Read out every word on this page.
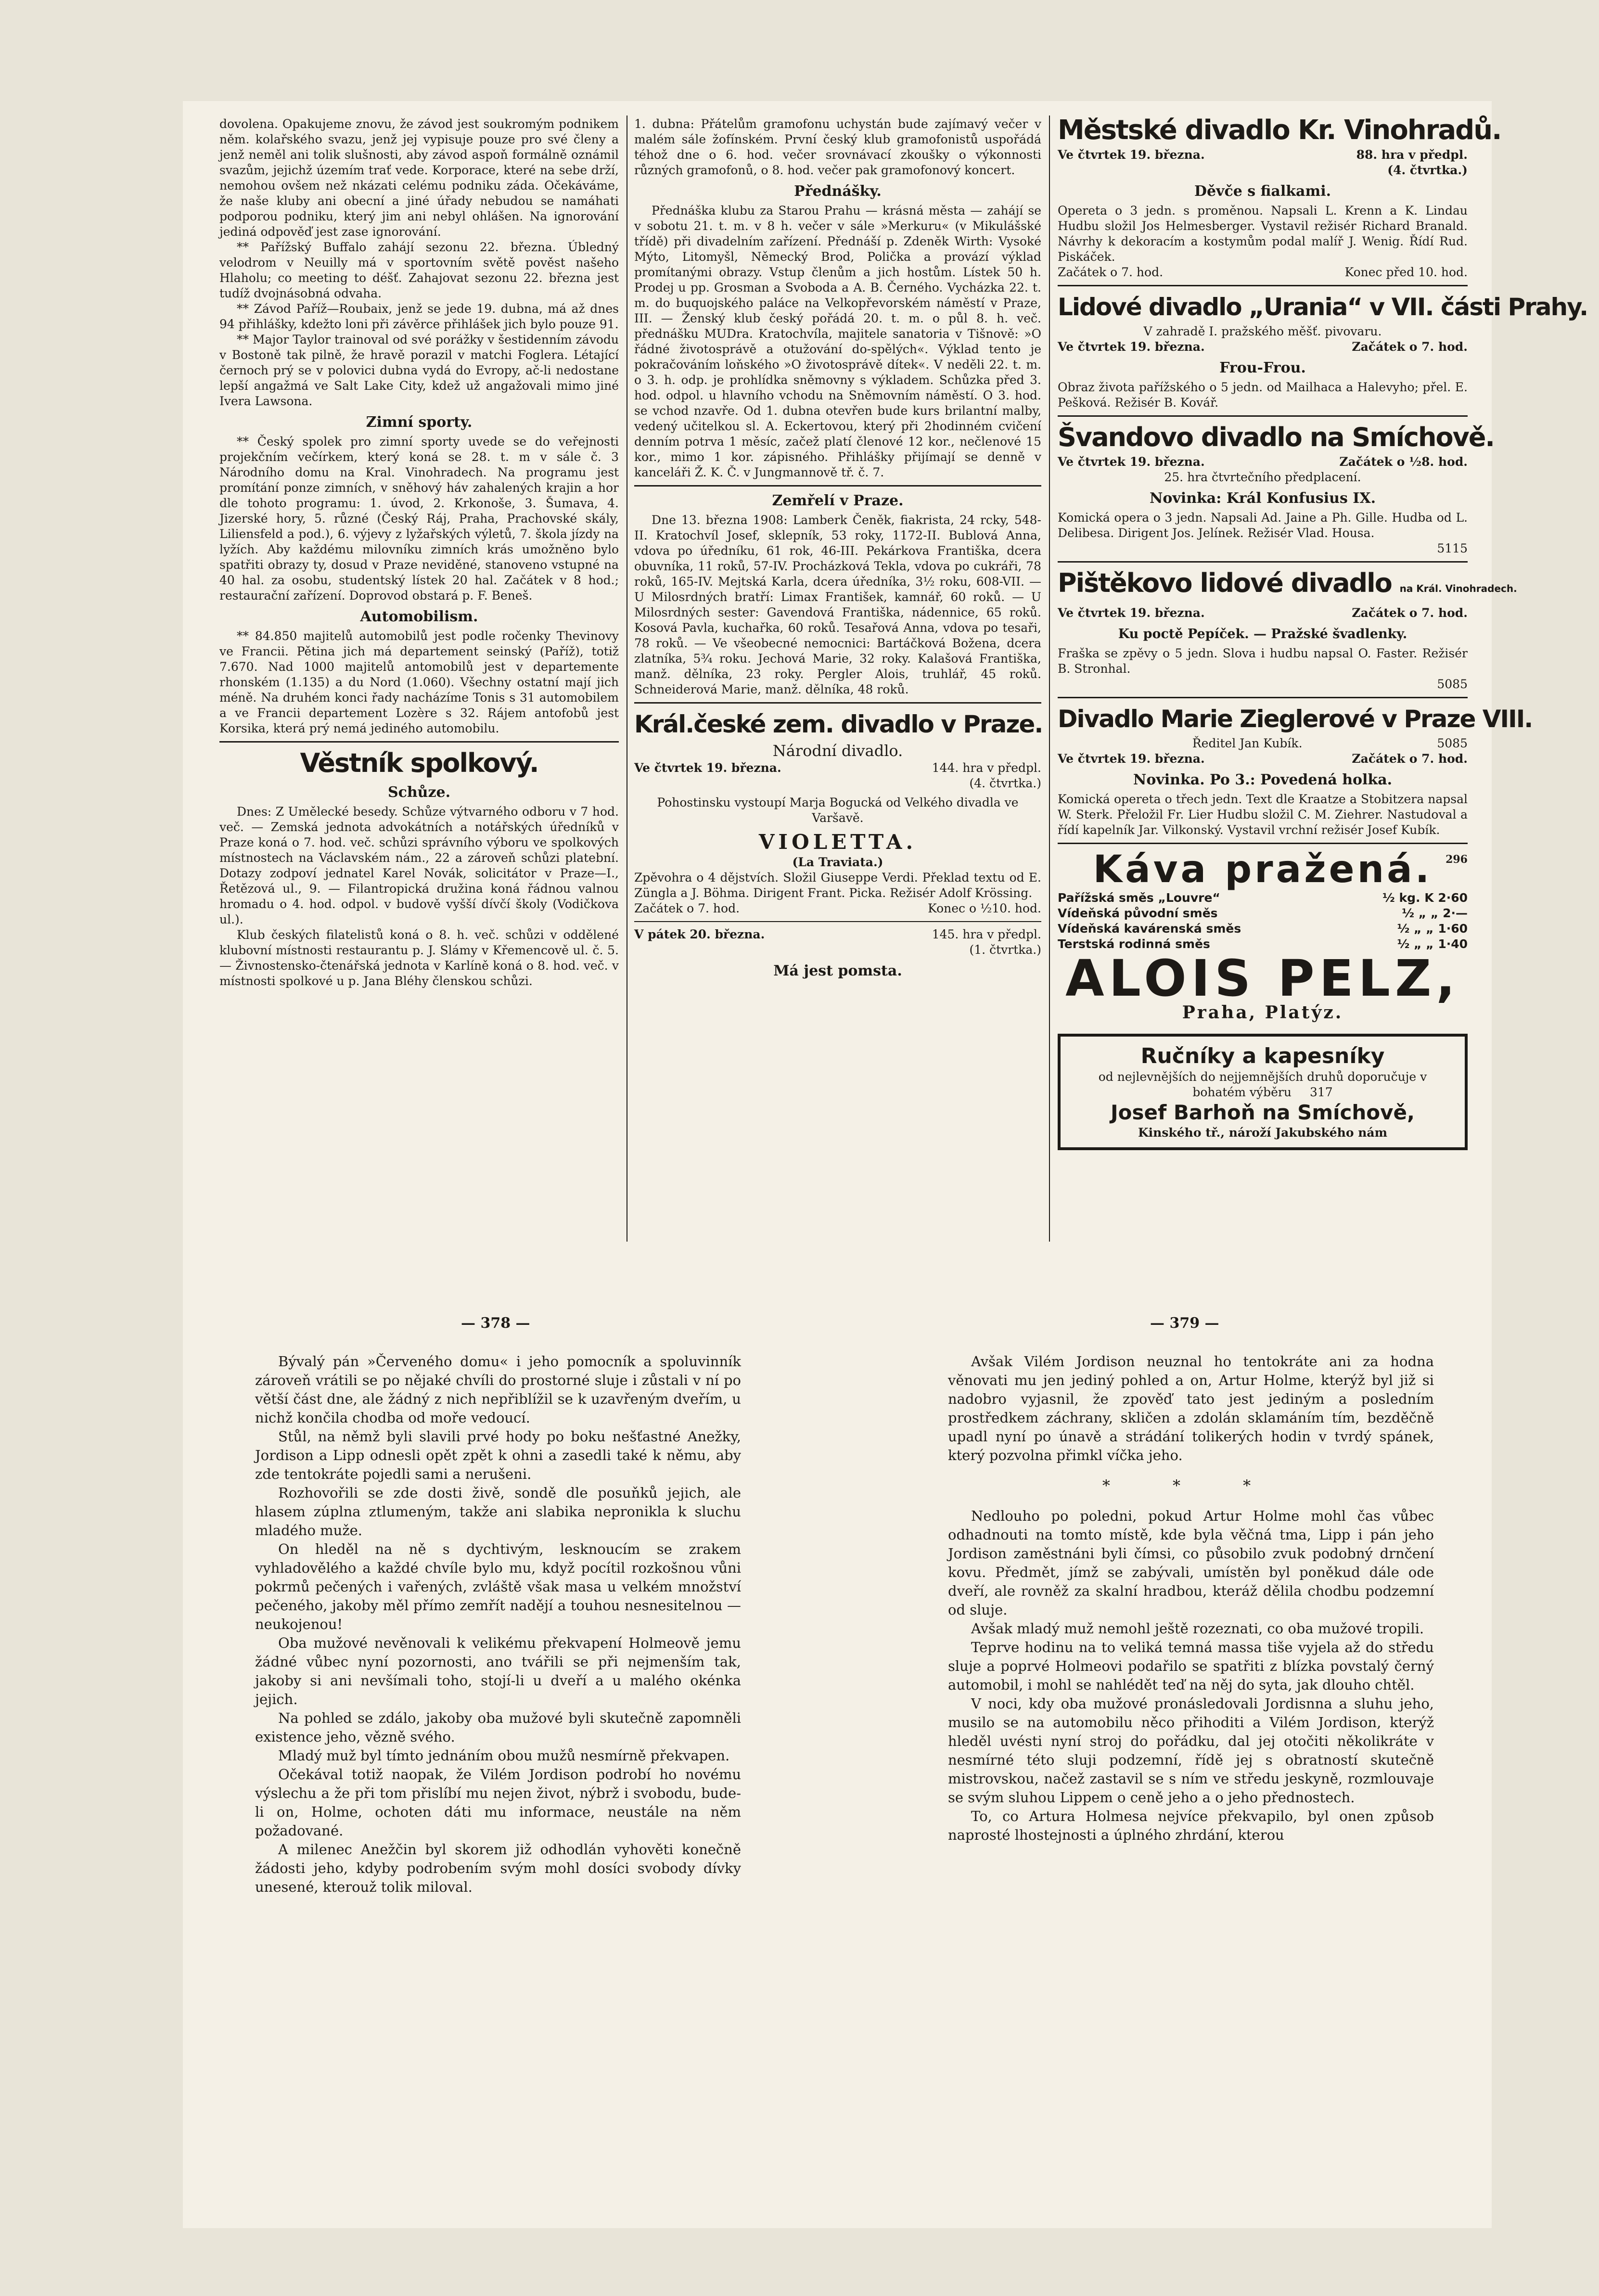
dovolena. Opakujeme znovu, že závod jest soukromým podnikem něm. kolařského svazu, jenž jej vypisuje pouze pro své členy a jenž neměl ani tolik slušnosti, aby závod aspoň formálně oznámil svazům, jejichž územím trať vede. Korporace, které na sebe drží, nemohou ovšem než nkázati celému podniku záda. Očekáváme, že naše kluby ani obecní a jiné úřady nebudou se namáhati podporou podniku, který jim ani nebyl ohlášen. Na ignorování jediná odpověď jest zase ignorování.

** Pařížský Buffalo zahájí sezonu 22. března. Úbledný velodrom v Neuilly má v sportovním světě pověst našeho Hlaholu; co meeting to déšť. Zahajovat sezonu 22. března jest tudíž dvojnásobná odvaha.

** Závod Paříž—Roubaix, jenž se jede 19. dubna, má až dnes 94 přihlášky, kdežto loni při závěrce přihlášek jich bylo pouze 91.

** Major Taylor trainoval od své porážky v šestidenním závodu v Bostoně tak pilně, že hravě porazil v matchi Foglera. Létající černoch prý se v polovici dubna vydá do Evropy, ač-li nedostane lepší angažmá ve Salt Lake City, kdež už angažovali mimo jiné Ivera Lawsona.

Zimní sporty.

** Český spolek pro zimní sporty uvede se do veřejnosti projekčním večírkem, který koná se 28. t. m v sále č. 3 Národního domu na Kral. Vinohradech. Na programu jest promítání ponze zimních, v sněhový háv zahalených krajin a hor dle tohoto programu: 1. úvod, 2. Krkonoše, 3. Šumava, 4. Jizerské hory, 5. různé (Český Ráj, Praha, Prachovské skály, Liliensfeld a pod.), 6. výjevy z lyžařských výletů, 7. škola jízdy na lyžích. Aby každému milovníku zimních krás umožněno bylo spatřiti obrazy ty, dosud v Praze neviděné, stanoveno vstupné na 40 hal. za osobu, studentský lístek 20 hal. Začátek v 8 hod.; restaurační zařízení. Doprovod obstará p. F. Beneš.

Automobilism.

** 84.850 majitelů automobilů jest podle ročenky Thevinovy ve Francii. Pětina jich má departement seinský (Paříž), totiž 7.670. Nad 1000 majitelů antomobilů jest v departemente rhonském (1.135) a du Nord (1.060). Všechny ostatní mají jich méně. Na druhém konci řady nacházíme Tonis s 31 automobilem a ve Francii departement Lozère s 32. Rájem antofobů jest Korsika, která prý nemá jediného automobilu.

Věstník spolkový.
Schůze.

Dnes: Z Umělecké besedy. Schůze výtvarného odboru v 7 hod. več. — Zemská jednota advokátních a notářských úředníků v Praze koná o 7. hod. več. schůzi správního výboru ve spolkových místnostech na Václavském nám., 22 a zároveň schůzi platební. Dotazy zodpoví jednatel Karel Novák, solicitátor v Praze—I., Řetězová ul., 9. — Filantropická družina koná řádnou valnou hromadu o 4. hod. odpol. v budově vyšší dívčí školy (Vodičkova ul.).

Klub českých filatelistů koná o 8. h. več. schůzi v oddělené klubovní místnosti restaurantu p. J. Slámy v Křemencově ul. č. 5. — Živnostensko-čtenářská jednota v Karlíně koná o 8. hod. več. v místnosti spolkové u p. Jana Bléhy členskou schůzi.

1. dubna: Přátelům gramofonu uchystán bude zajímavý večer v malém sále žofínském. První český klub gramofonistů uspořádá téhož dne o 6. hod. večer srovnávací zkoušky o výkonnosti různých gramofonů, o 8. hod. večer pak gramofonový koncert.

Přednášky.

Přednáška klubu za Starou Prahu — krásná města — zahájí se v sobotu 21. t. m. v 8 h. večer v sále »Merkuru« (v Mikulášské třídě) při divadelním zařízení. Přednáší p. Zdeněk Wirth: Vysoké Mýto, Litomyšl, Německý Brod, Polička a provází výklad promítanými obrazy. Vstup členům a jich hostům. Lístek 50 h. Prodej u pp. Grosman a Svoboda a A. B. Černého. Vycházka 22. t. m. do buquojského paláce na Velkopřevorském náměstí v Praze, III. — Ženský klub český pořádá 20. t. m. o půl 8. h. več. přednášku MUDra. Kratochvíla, majitele sanatoria v Tišnově: »O řádné životosprávě a otužování do-spělých«. Výklad tento je pokračováním loňského »O životosprávě dítek«. V neděli 22. t. m. o 3. h. odp. je prohlídka sněmovny s výkladem. Schůzka před 3. hod. odpol. u hlavního vchodu na Sněmovním náměstí. O 3. hod. se vchod nzavře. Od 1. dubna otevřen bude kurs brilantní malby, vedený učitelkou sl. A. Eckertovou, který při 2hodinném cvičení denním potrva 1 měsíc, začež platí členové 12 kor., nečlenové 15 kor., mimo 1 kor. zápisného. Přihlášky přijímají se denně v kanceláři Ž. K. Č. v Jungmannově tř. č. 7.

Zemřelí v Praze.

Dne 13. března 1908: Lamberk Čeněk, fiakrista, 24 rcky, 548-II. Kratochvíl Josef, sklepník, 53 roky, 1172-II. Bublová Anna, vdova po úředníku, 61 rok, 46-III. Pekárkova Františka, dcera obuvníka, 11 roků, 57-IV. Procházková Tekla, vdova po cukráři, 78 roků, 165-IV. Mejtská Karla, dcera úředníka, 3½ roku, 608-VII. — U Milosrdných bratří: Limax František, kamnář, 60 roků. — U Milosrdných sester: Gavendová Františka, nádennice, 65 roků. Kosová Pavla, kuchařka, 60 roků. Tesařová Anna, vdova po tesaři, 78 roků. — Ve všeobecné nemocnici: Bartáčková Božena, dcera zlatníka, 5¾ roku. Jechová Marie, 32 roky. Kalašová Františka, manž. dělníka, 23 roky. Pergler Alois, truhlář, 45 roků. Schneiderová Marie, manž. dělníka, 48 roků.

Král.české zem. divadlo v Praze.
Národní divadlo.
Ve čtvrtek 19. března.	144. hra v předpl.
(4. čtvrtka.)
Pohostinsku vystoupí Marja Bogucká od Velkého divadla ve Varšavě.
VIOLETTA.
(La Traviata.)

Zpěvohra o 4 dějstvích. Složil Giuseppe Verdi. Překlad textu od E. Züngla a J. Böhma. Dirigent Frant. Picka. Režisér Adolf Krössing.

Začátek o 7. hod.	Konec o ½10. hod.
V pátek 20. března.	145. hra v předpl.
(1. čtvrtka.)
Má jest pomsta.
Městské divadlo Kr. Vinohradů.
Ve čtvrtek 19. března.	88. hra v předpl.
(4. čtvrtka.)
Děvče s fialkami.

Opereta o 3 jedn. s proměnou. Napsali L. Krenn a K. Lindau Hudbu složil Jos Helmesberger. Vystavil režisér Richard Branald. Návrhy k dekoracím a kostymům podal malíř J. Wenig. Řídí Rud. Piskáček.

Začátek o 7. hod.	Konec před 10. hod.
Lidové divadlo „Urania“ v VII. části Prahy.
V zahradě I. pražského měšť. pivovaru.
Ve čtvrtek 19. března.	Začátek o 7. hod.
Frou-Frou.

Obraz života pařížského o 5 jedn. od Mailhaca a Halevyho; přel. E. Pešková. Režisér B. Kovář.

Švandovo divadlo na Smíchově.
Ve čtvrtek 19. března.	Začátek o ½8. hod.
25. hra čtvrtečního předplacení.
Novinka: Král Konfusius IX.

Komická opera o 3 jedn. Napsali Ad. Jaine a Ph. Gille. Hudba od L. Delibesa. Dirigent Jos. Jelínek. Režisér Vlad. Housa.

5115
Pištěkovo lidové divadlo na Král. Vinohradech.
Ve čtvrtek 19. března.	Začátek o 7. hod.
Ku poctě Pepíček. — Pražské švadlenky.

Fraška se zpěvy o 5 jedn. Slova i hudbu napsal O. Faster. Režisér B. Stronhal.

5085
Divadlo Marie Zieglerové v Praze VIII.
Ředitel Jan Kubík.	5085
Ve čtvrtek 19. března.	Začátek o 7. hod.
Novinka. Po 3.: Povedená holka.

Komická opereta o třech jedn. Text dle Kraatze a Stobitzera napsal W. Sterk. Přeložil Fr. Lier Hudbu složil C. M. Ziehrer. Nastudoval a řídí kapelník Jar. Vilkonský. Vystavil vrchní režisér Josef Kubík.

Káva pražená.	296
Pařížská směs „Louvre“	½ kg. K 2·60
Vídeňská původní směs	½ „ „ 2·—
Vídeňská kavárenská směs	½ „ „ 1·60
Terstská rodinná směs	½ „ „ 1·40
ALOIS PELZ,
Praha, Platýz.
Ručníky a kapesníky
od nejlevnějších do nejjemnějších druhů doporučuje v bohatém výběru 317
Josef Barhoň na Smíchově,
Kinského tř., nároží Jakubského nám
— 378 —	— 379 —

Bývalý pán »Červeného domu« i jeho pomocník a spoluvinník zároveň vrátili se po nějaké chvíli do prostorné sluje i zůstali v ní po větší část dne, ale žádný z nich nepřiblížil se k uzavřeným dveřím, u nichž končila chodba od moře vedoucí.

Stůl, na němž byli slavili prvé hody po boku nešťastné Anežky, Jordison a Lipp odnesli opět zpět k ohni a zasedli také k němu, aby zde tentokráte pojedli sami a nerušeni.

Rozhovořili se zde dosti živě, sondě dle posuňků jejich, ale hlasem zúplna ztlumeným, takže ani slabika nepronikla k sluchu mladého muže.

On hleděl na ně s dychtivým, lesknoucím se zrakem vyhladovělého a každé chvíle bylo mu, když pocítil rozkošnou vůni pokrmů pečených i vařených, zvláště však masa u velkém množství pečeného, jakoby měl přímo zemřít nadějí a touhou nesnesitelnou — neukojenou!

Oba mužové nevěnovali k velikému překvapení Holmeově jemu žádné vůbec nyní pozornosti, ano tvářili se při nejmenším tak, jakoby si ani nevšímali toho, stojí-li u dveří a u malého okénka jejich.

Na pohled se zdálo, jakoby oba mužové byli skutečně zapomněli existence jeho, vězně svého.

Mladý muž byl tímto jednáním obou mužů nesmírně překvapen.

Očekával totiž naopak, že Vilém Jordison podrobí ho novému výslechu a že při tom přislíbí mu nejen život, nýbrž i svobodu, bude-li on, Holme, ochoten dáti mu informace, neustále na něm požadované.

A milenec Anežčin byl skorem již odhodlán vyhověti konečně žádosti jeho, kdyby podrobením svým mohl dosíci svobody dívky unesené, kterouž tolik miloval.

Avšak Vilém Jordison neuznal ho tentokráte ani za hodna věnovati mu jen jediný pohled a on, Artur Holme, kterýž byl již si nadobro vyjasnil, že zpověď tato jest jediným a posledním prostředkem záchrany, skličen a zdolán sklamáním tím, bezděčně upadl nyní po únavě a strádání tolikerých hodin v tvrdý spánek, který pozvolna přimkl víčka jeho.

* * *

Nedlouho po poledni, pokud Artur Holme mohl čas vůbec odhadnouti na tomto místě, kde byla věčná tma, Lipp i pán jeho Jordison zaměstnáni byli čímsi, co působilo zvuk podobný drnčení kovu. Předmět, jímž se zabývali, umístěn byl poněkud dále ode dveří, ale rovněž za skalní hradbou, kteráž dělila chodbu podzemní od sluje.

Avšak mladý muž nemohl ještě rozeznati, co oba mužové tropili.

Teprve hodinu na to veliká temná massa tiše vyjela až do středu sluje a poprvé Holmeovi podařilo se spatřiti z blízka povstalý černý automobil, i mohl se nahlédět teď na něj do syta, jak dlouho chtěl.

V noci, kdy oba mužové pronásledovali Jordisnna a sluhu jeho, musilo se na automobilu něco přihoditi a Vilém Jordison, kterýž hleděl uvésti nyní stroj do pořádku, dal jej otočiti několikráte v nesmírné této sluji podzemní, řídě jej s obratností skutečně mistrovskou, načež zastavil se s ním ve středu jeskyně, rozmlouvaje se svým sluhou Lippem o ceně jeho a o jeho přednostech.

To, co Artura Holmesa nejvíce překvapilo, byl onen způsob naprosté lhostejnosti a úplného zhrdání, kterou
